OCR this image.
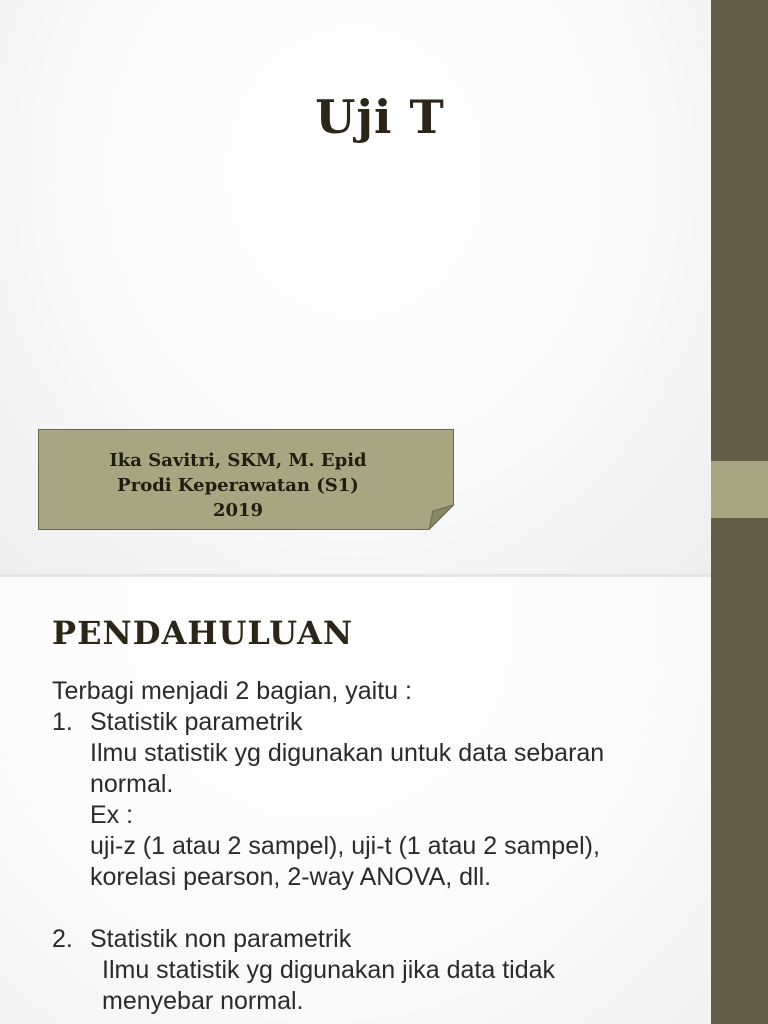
Uji T
Ika Savitri, SKM, M. Epid
Prodi Keperawatan (S1)
2019
PENDAHULUAN
Terbagi menjadi 2 bagian, yaitu :
1. Statistik parametrik
Ilmu statistik yg digunakan untuk data sebaran
normal.
Ex :
uji-z (1 atau 2 sampel), uji-t (1 atau 2 sampel),
korelasi pearson, 2-way ANOVA, dll.
2. Statistik non parametrik
Ilmu statistik yg digunakan jika data tidak
menyebar normal.
